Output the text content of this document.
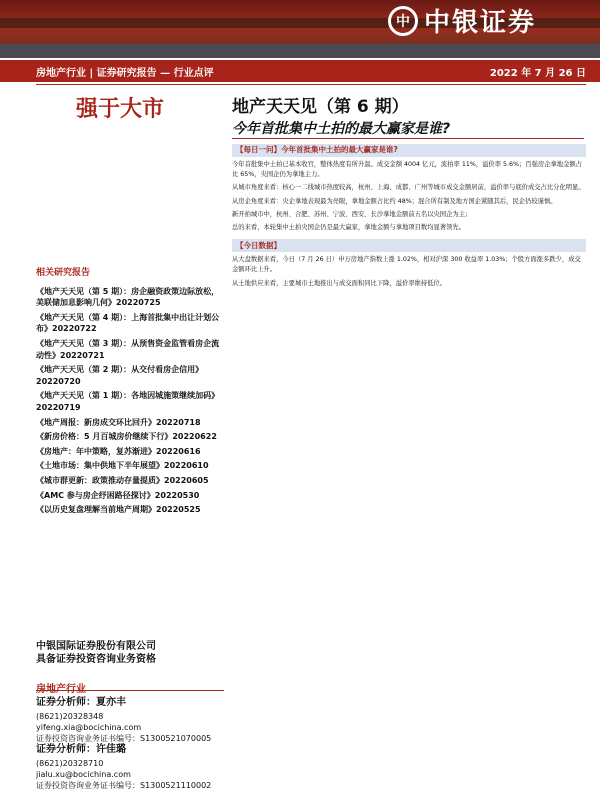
中 中银证券
房地产行业 | 证券研究报告 — 行业点评	2022 年 7 月 26 日
强于大市	地产天天见（第 6 期）
今年首批集中土拍的最大赢家是谁?
【每日一问】今年首批集中土拍的最大赢家是谁?

今年首批集中土拍已基本收官，整体热度有所升温。成交金额 4004 亿元，流拍率 11%，溢价率 5.6%；百强房企拿地金额占比 65%，央国企仍为拿地主力。

从城市角度来看：核心一二线城市热度较高，杭州、上海、成都、广州等城市成交金额居前，溢价率与底价成交占比分化明显。

从房企角度来看：央企拿地表现最为亮眼，拿地金额占比约 48%；混合所有制及地方国企紧随其后，民企仍较谨慎。

新开拍城市中，杭州、合肥、苏州、宁波、西安、长沙拿地金额前五名以央国企为主；

总的来看，本轮集中土拍央国企仍是最大赢家，拿地金额与拿地项目数均显著领先。

【今日数据】

从大盘数据来看，今日（7 月 26 日）申万房地产指数上涨 1.02%，相对沪深 300 收益率 1.03%；个股方面涨多跌少，成交金额环比上升。

从土地供应来看，主要城市土地推出与成交面积同比下降，溢价率维持低位。

相关研究报告
《地产天天见（第 5 期）：房企融资政策边际放松，美联储加息影响几何》20220725
《地产天天见（第 4 期）：上海首批集中出让计划公布》20220722
《地产天天见（第 3 期）：从预售资金监管看房企流动性》20220721
《地产天天见（第 2 期）：从交付看房企信用》20220720
《地产天天见（第 1 期）：各地因城施策继续加码》20220719
《地产周报：新房成交环比回升》20220718
《新房价格：5 月百城房价继续下行》20220622
《房地产：年中策略，复苏渐进》20220616
《土地市场：集中供地下半年展望》20220610
《城市群更新：政策推动存量提质》20220605
《AMC 参与房企纾困路径探讨》20220530
《以历史复盘理解当前地产周期》20220525
中银国际证券股份有限公司
具备证券投资咨询业务资格
证券分析师：夏亦丰
(8621)20328348
yifeng.xia@bocichina.com
证券投资咨询业务证书编号：S1300521070005
证券分析师：许佳璐
(8621)20328710
jialu.xu@bocichina.com
证券投资咨询业务证书编号：S1300521110002
